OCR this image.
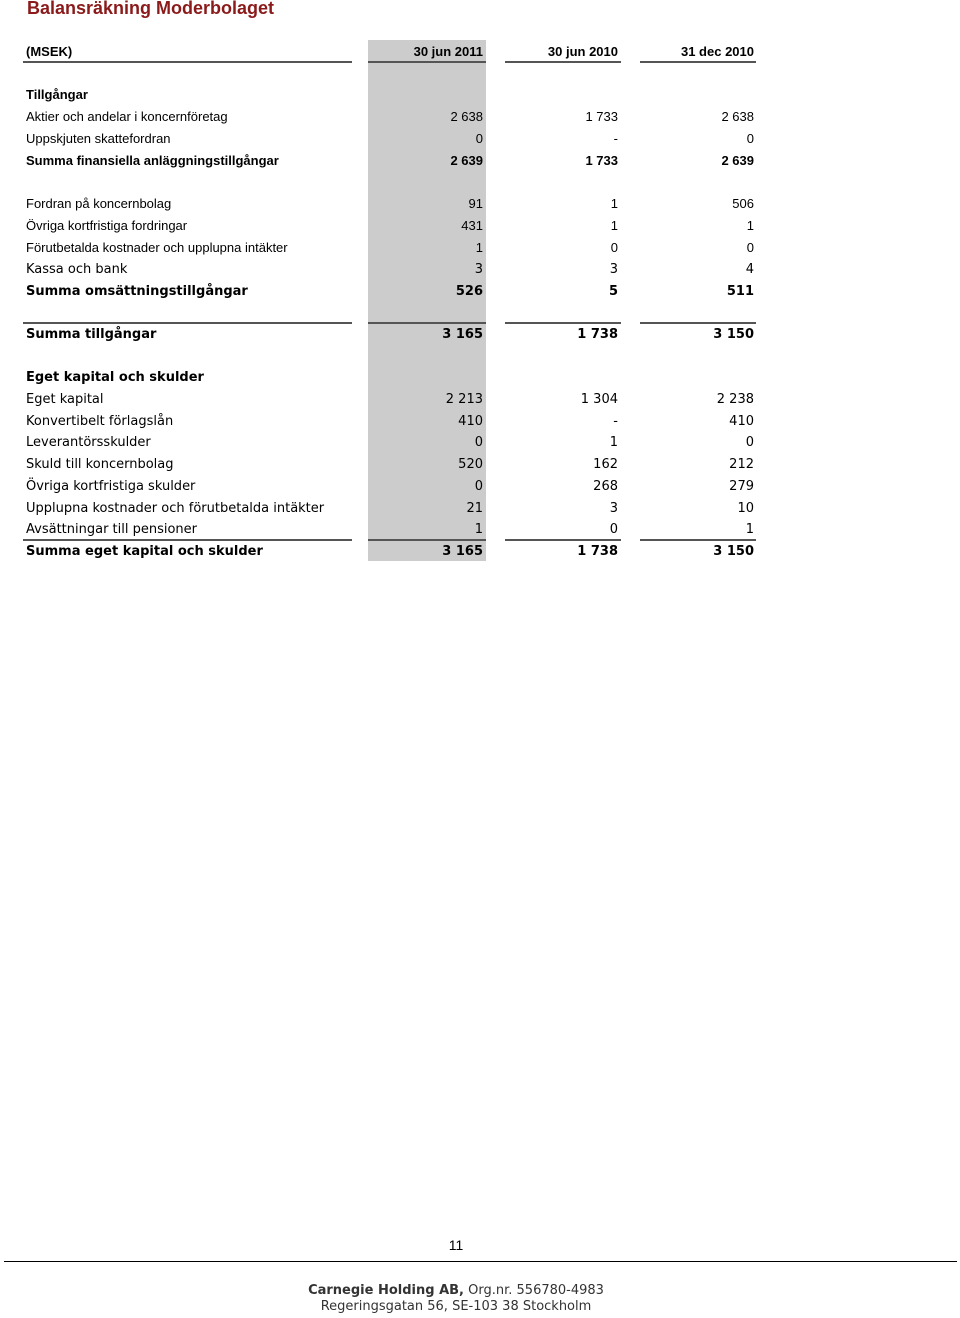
Balansräkning Moderbolaget
(MSEK)	30 jun 2011	30 jun 2010	31 dec 2010
Tillgångar
Aktier och andelar i koncernföretag	2 638	1 733	2 638
Uppskjuten skattefordran	0	-	0
Summa finansiella anläggningstillgångar	2 639	1 733	2 639
Fordran på koncernbolag	91	1	506
Övriga kortfristiga fordringar	431	1	1
Förutbetalda kostnader och upplupna intäkter	1	0	0
Kassa och bank	3	3	4
Summa omsättningstillgångar	526	5	511
Summa tillgångar	3 165	1 738	3 150
Eget kapital och skulder
Eget kapital	2 213	1 304	2 238
Konvertibelt förlagslån	410	-	410
Leverantörsskulder	0	1	0
Skuld till koncernbolag	520	162	212
Övriga kortfristiga skulder	0	268	279
Upplupna kostnader och förutbetalda intäkter	21	3	10
Avsättningar till pensioner	1	0	1
Summa eget kapital och skulder	3 165	1 738	3 150
11
Carnegie Holding AB, Org.nr. 556780-4983
Regeringsgatan 56, SE-103 38 Stockholm
